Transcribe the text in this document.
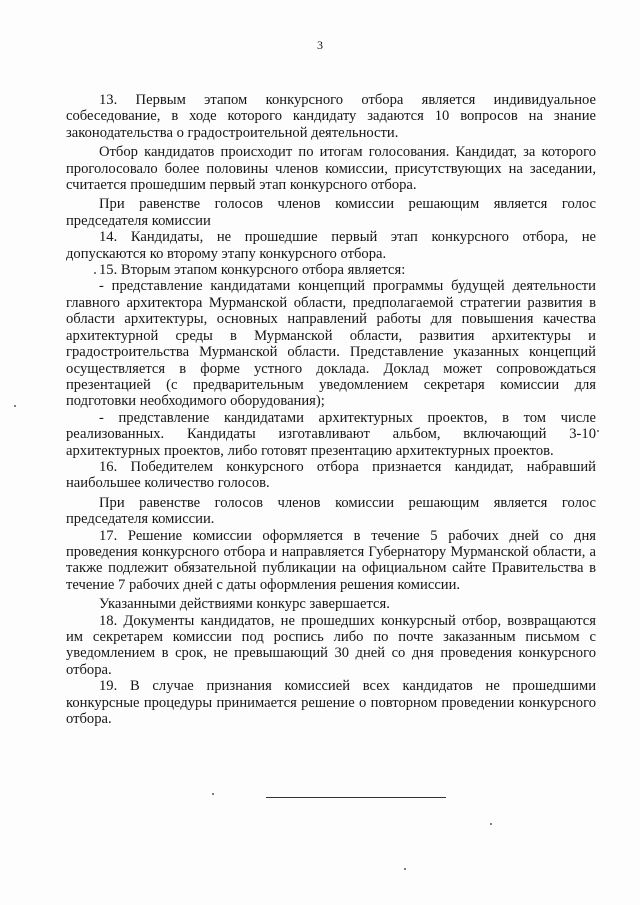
3

13. Первым этапом конкурсного отбора является индивидуальное собеседование, в ходе которого кандидату задаются 10 вопросов на знание законодательства о градостроительной деятельности.

Отбор кандидатов происходит по итогам голосования. Кандидат, за которого проголосовало более половины членов комиссии, присутствующих на заседании, считается прошедшим первый этап конкурсного отбора.

При равенстве голосов членов комиссии решающим является голос председателя комиссии

14. Кандидаты, не прошедшие первый этап конкурсного отбора, не допускаются ко второму этапу конкурсного отбора.

15. Вторым этапом конкурсного отбора является:

- представление кандидатами концепций программы будущей деятельности главного архитектора Мурманской области, предполагаемой стратегии развития в области архитектуры, основных направлений работы для повышения качества архитектурной среды в Мурманской области, развития архитектуры и градостроительства Мурманской области. Представление указанных концепций осуществляется в форме устного доклада. Доклад может сопровождаться презентацией (с предварительным уведомлением секретаря комиссии для подготовки необходимого оборудования);

- представление кандидатами архитектурных проектов, в том числе реализованных. Кандидаты изготавливают альбом, включающий 3-10 архитектурных проектов, либо готовят презентацию архитектурных проектов.

16. Победителем конкурсного отбора признается кандидат, набравший наибольшее количество голосов.

При равенстве голосов членов комиссии решающим является голос председателя комиссии.

17. Решение комиссии оформляется в течение 5 рабочих дней со дня проведения конкурсного отбора и направляется Губернатору Мурманской области, а также подлежит обязательной публикации на официальном сайте Правительства в течение 7 рабочих дней с даты оформления решения комиссии.

Указанными действиями конкурс завершается.

18. Документы кандидатов, не прошедших конкурсный отбор, возвращаются им секретарем комиссии под роспись либо по почте заказанным письмом с уведомлением в срок, не превышающий 30 дней со дня проведения конкурсного отбора.

19. В случае признания комиссией всех кандидатов не прошедшими конкурсные процедуры принимается решение о повторном проведении конкурсного отбора.
